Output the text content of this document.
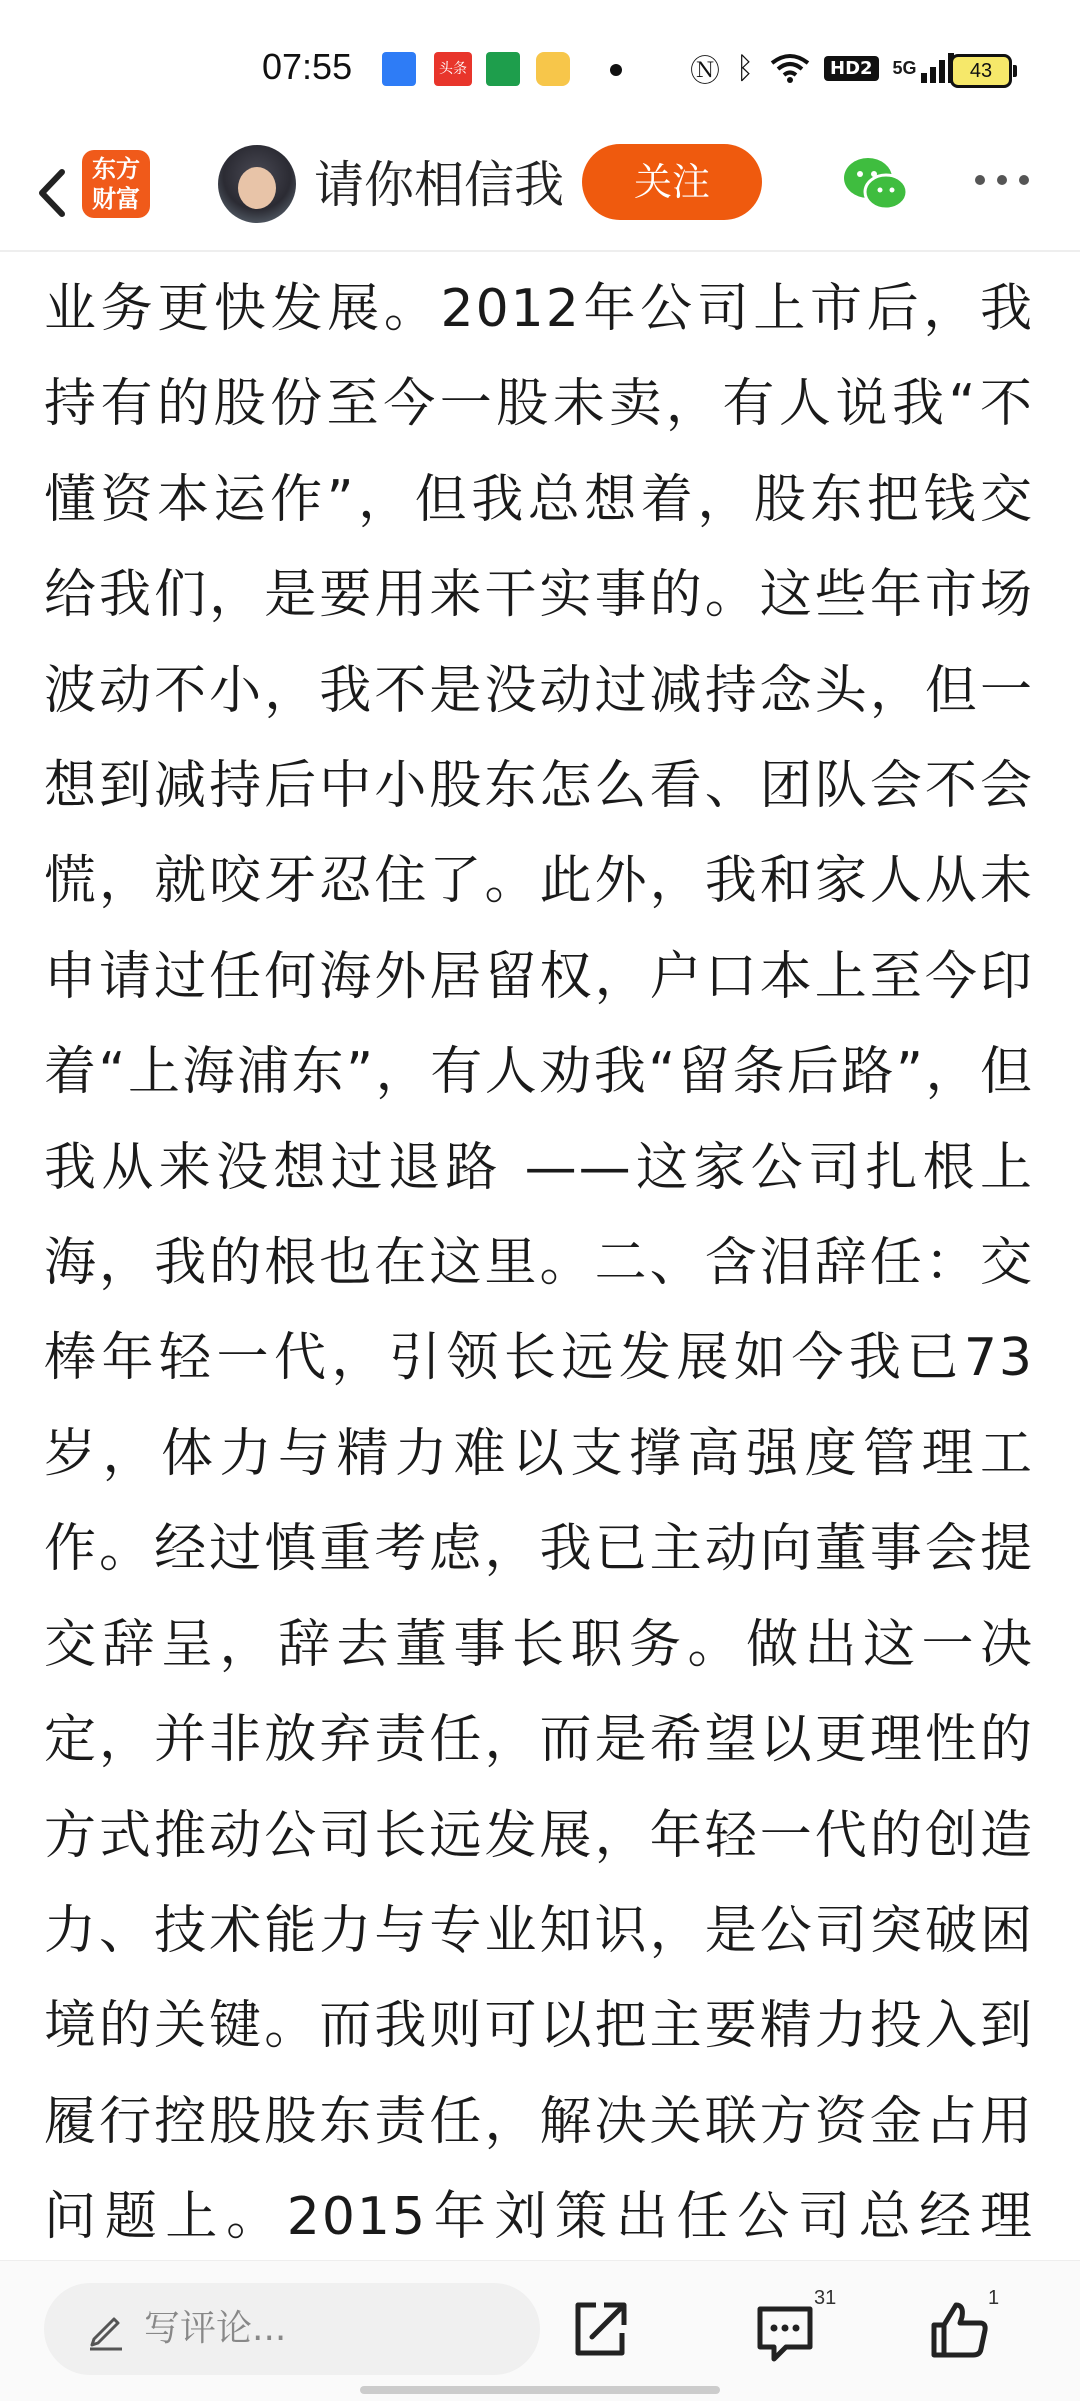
07:55	头条	Ⓝ ᛒ	HD2	5G	43
东方
财富	请你相信我	关注

业务更快发展。2012年公司上市后，我持有的股份至今一股未卖，有人说我“不懂资本运作”，但我总想着，股东把钱交给我们，是要用来干实事的。这些年市场波动不小，我不是没动过减持念头，但一想到减持后中小股东怎么看、团队会不会慌，就咬牙忍住了。此外，我和家人从未申请过任何海外居留权，户口本上至今印着“上海浦东”，有人劝我“留条后路”，但我从来没想过退路 ——这家公司扎根上海，我的根也在这里。二、含泪辞任：交棒年轻一代，引领长远发展如今我已73岁，体力与精力难以支撑高强度管理工作。经过慎重考虑，我已主动向董事会提交辞呈，辞去董事长职务。做出这一决定，并非放弃责任，而是希望以更理性的方式推动公司长远发展，年轻一代的创造力、技术能力与专业知识，是公司突破困境的关键。而我则可以把主要精力投入到履行控股股东责任，解决关联方资金占用问题上。2015年刘策出任公司总经理

写评论...
31	1
